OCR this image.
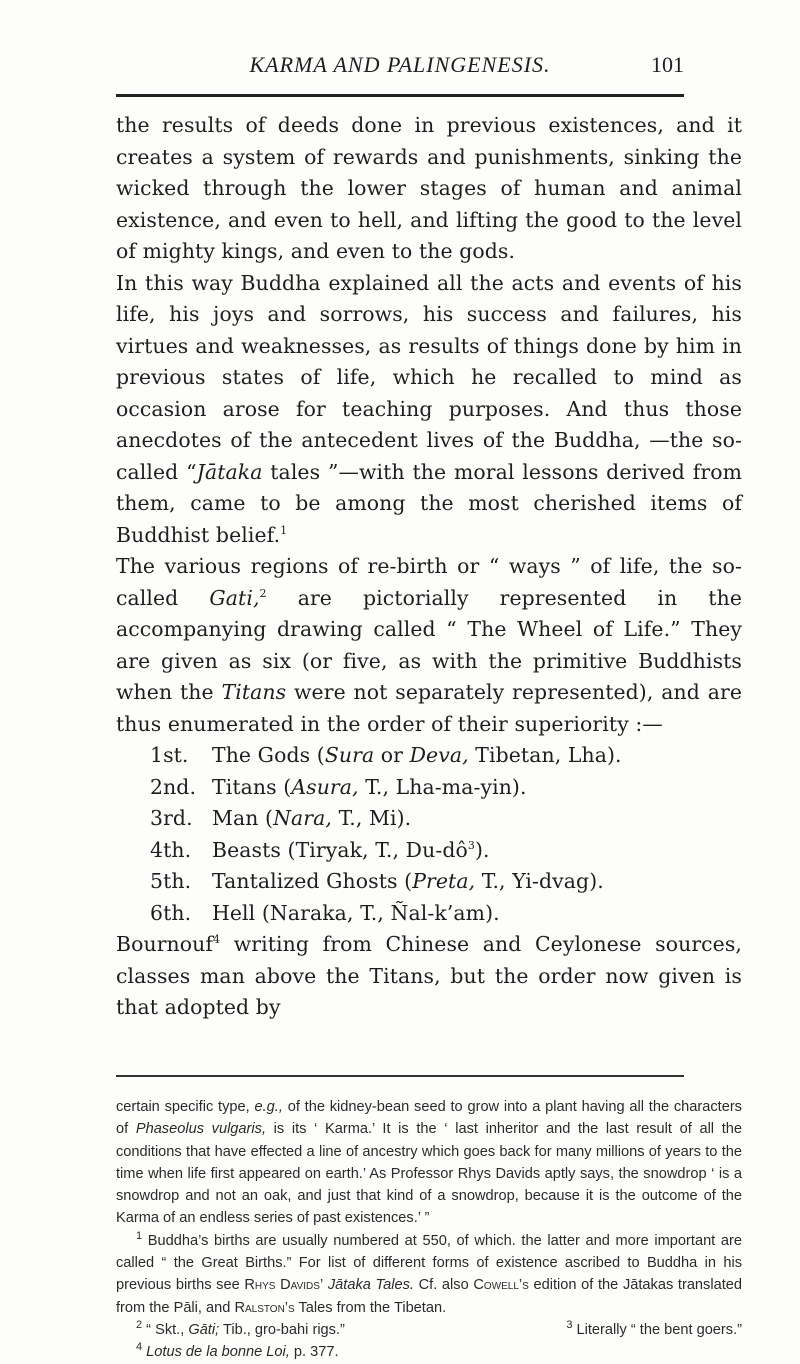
KARMA AND PALINGENESIS.	101

the results of deeds done in previous existences, and it creates a system of rewards and punishments, sinking the wicked through the lower stages of human and animal existence, and even to hell, and lifting the good to the level of mighty kings, and even to the gods.

In this way Buddha explained all the acts and events of his life, his joys and sorrows, his success and failures, his virtues and weaknesses, as results of things done by him in previous states of life, which he recalled to mind as occasion arose for teaching purposes. And thus those anecdotes of the antecedent lives of the Buddha, —the so-called “Jātaka tales ”—with the moral lessons derived from them, came to be among the most cherished items of Buddhist belief.$^1$

The various regions of re-birth or “ ways ” of life, the so-called Gati,$^2$ are pictorially represented in the accompanying drawing called “ The Wheel of Life.” They are given as six (or five, as with the primitive Buddhists when the Titans were not separately represented), and are thus enumerated in the order of their superiority :—

1st. The Gods (Sura or Deva, Tibetan, Lha).

2nd. Titans (Asura, T., Lha-ma-yin).

3rd. Man (Nara, T., Mi).

4th. Beasts (Tiryak, T., $Du-dô^3$).

5th. Tantalized Ghosts (Preta, T., Yi-dvag).

6th. Hell (Naraka, T., Ñal-k’am).

Bournouf$^4$ writing from Chinese and Ceylonese sources, classes man above the Titans, but the order now given is that adopted by

certain specific type, e.g., of the kidney-bean seed to grow into a plant having all the characters of Phaseolus vulgaris, is its ‘ Karma.’ It is the ‘ last inheritor and the last result of all the conditions that have effected a line of ancestry which goes back for many millions of years to the time when life first appeared on earth.’ As Professor Rhys Davids aptly says, the snowdrop ‘ is a snowdrop and not an oak, and just that kind of a snowdrop, because it is the outcome of the Karma of an endless series of past existences.’ ”

$^1$ Buddha’s births are usually numbered at 550, of which. the latter and more important are called “ the Great Births.” For list of different forms of existence ascribed to Buddha in his previous births see Rhys Davids’ Jātaka Tales. Cf. also Cowell’s edition of the Jātakas translated from the Pāli, and Ralston’s Tales from the Tibetan.

$^2$ “ Skt., Gāti; Tib., gro-bahi rigs.”	$^3$ Literally “ the bent goers.”

$^4$ Lotus de la bonne Loi, p. 377.
